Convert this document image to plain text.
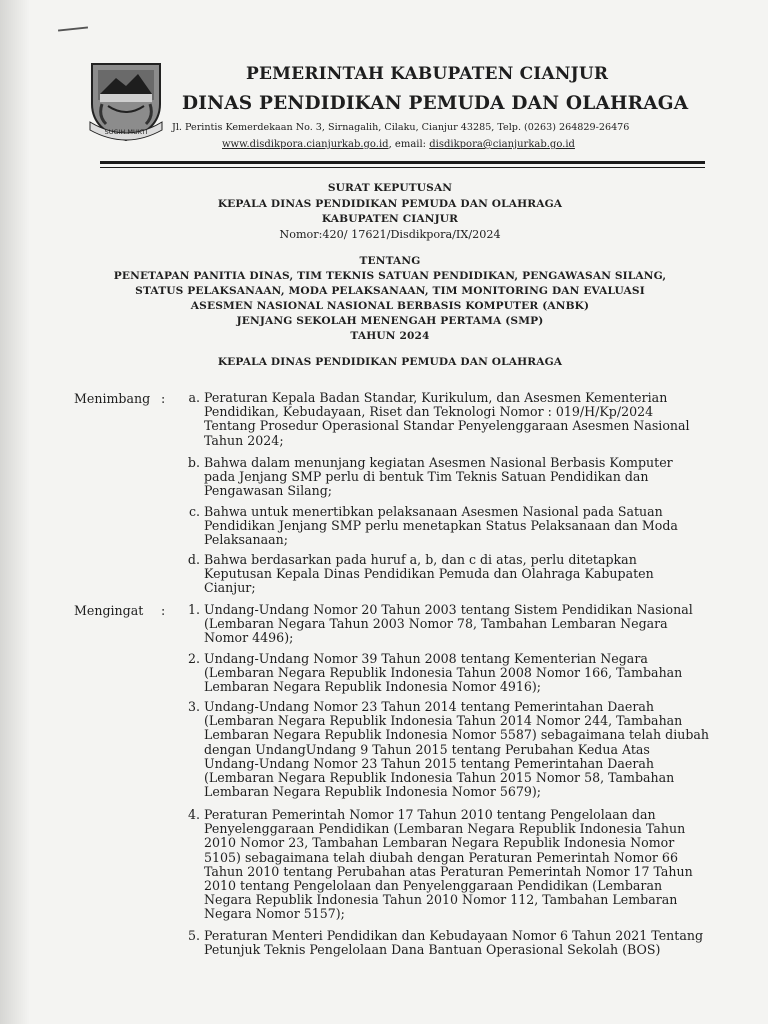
SUGIH MUKTI
PEMERINTAH KABUPATEN CIANJUR
DINAS PENDIDIKAN PEMUDA DAN OLAHRAGA
Jl. Perintis Kemerdekaan No. 3, Sirnagalih, Cilaku, Cianjur 43285, Telp. (0263) 264829-26476
www.disdikpora.cianjurkab.go.id, email: disdikpora@cianjurkab.go.id
SURAT KEPUTUSAN
KEPALA DINAS PENDIDIKAN PEMUDA DAN OLAHRAGA
KABUPATEN CIANJUR
Nomor:420/ 17621/Disdikpora/IX/2024
TENTANG
PENETAPAN PANITIA DINAS, TIM TEKNIS SATUAN PENDIDIKAN, PENGAWASAN SILANG,
STATUS PELAKSANAAN, MODA PELAKSANAAN, TIM MONITORING DAN EVALUASI
ASESMEN NASIONAL NASIONAL BERBASIS KOMPUTER (ANBK)
JENJANG SEKOLAH MENENGAH PERTAMA (SMP)
TAHUN 2024
KEPALA DINAS PENDIDIKAN PEMUDA DAN OLAHRAGA
Menimbang :	a. Peraturan Kepala Badan Standar, Kurikulum, dan Asesmen Kementerian
Pendidikan, Kebudayaan, Riset dan Teknologi Nomor : 019/H/Kp/2024
Tentang Prosedur Operasional Standar Penyelenggaraan Asesmen Nasional
Tahun 2024;
b. Bahwa dalam menunjang kegiatan Asesmen Nasional Berbasis Komputer
pada Jenjang SMP perlu di bentuk Tim Teknis Satuan Pendidikan dan
Pengawasan Silang;
c. Bahwa untuk menertibkan pelaksanaan Asesmen Nasional pada Satuan
Pendidikan Jenjang SMP perlu menetapkan Status Pelaksanaan dan Moda
Pelaksanaan;
d. Bahwa berdasarkan pada huruf a, b, dan c di atas, perlu ditetapkan
Keputusan Kepala Dinas Pendidikan Pemuda dan Olahraga Kabupaten
Cianjur;
Mengingat :	1. Undang-Undang Nomor 20 Tahun 2003 tentang Sistem Pendidikan Nasional
(Lembaran Negara Tahun 2003 Nomor 78, Tambahan Lembaran Negara
Nomor 4496);
2. Undang-Undang Nomor 39 Tahun 2008 tentang Kementerian Negara
(Lembaran Negara Republik Indonesia Tahun 2008 Nomor 166, Tambahan
Lembaran Negara Republik Indonesia Nomor 4916);
3. Undang-Undang Nomor 23 Tahun 2014 tentang Pemerintahan Daerah
(Lembaran Negara Republik Indonesia Tahun 2014 Nomor 244, Tambahan
Lembaran Negara Republik Indonesia Nomor 5587) sebagaimana telah diubah
dengan UndangUndang 9 Tahun 2015 tentang Perubahan Kedua Atas
Undang-Undang Nomor 23 Tahun 2015 tentang Pemerintahan Daerah
(Lembaran Negara Republik Indonesia Tahun 2015 Nomor 58, Tambahan
Lembaran Negara Republik Indonesia Nomor 5679);
4. Peraturan Pemerintah Nomor 17 Tahun 2010 tentang Pengelolaan dan
Penyelenggaraan Pendidikan (Lembaran Negara Republik Indonesia Tahun
2010 Nomor 23, Tambahan Lembaran Negara Republik Indonesia Nomor
5105) sebagaimana telah diubah dengan Peraturan Pemerintah Nomor 66
Tahun 2010 tentang Perubahan atas Peraturan Pemerintah Nomor 17 Tahun
2010 tentang Pengelolaan dan Penyelenggaraan Pendidikan (Lembaran
Negara Republik Indonesia Tahun 2010 Nomor 112, Tambahan Lembaran
Negara Nomor 5157);
5. Peraturan Menteri Pendidikan dan Kebudayaan Nomor 6 Tahun 2021 Tentang
Petunjuk Teknis Pengelolaan Dana Bantuan Operasional Sekolah (BOS)
